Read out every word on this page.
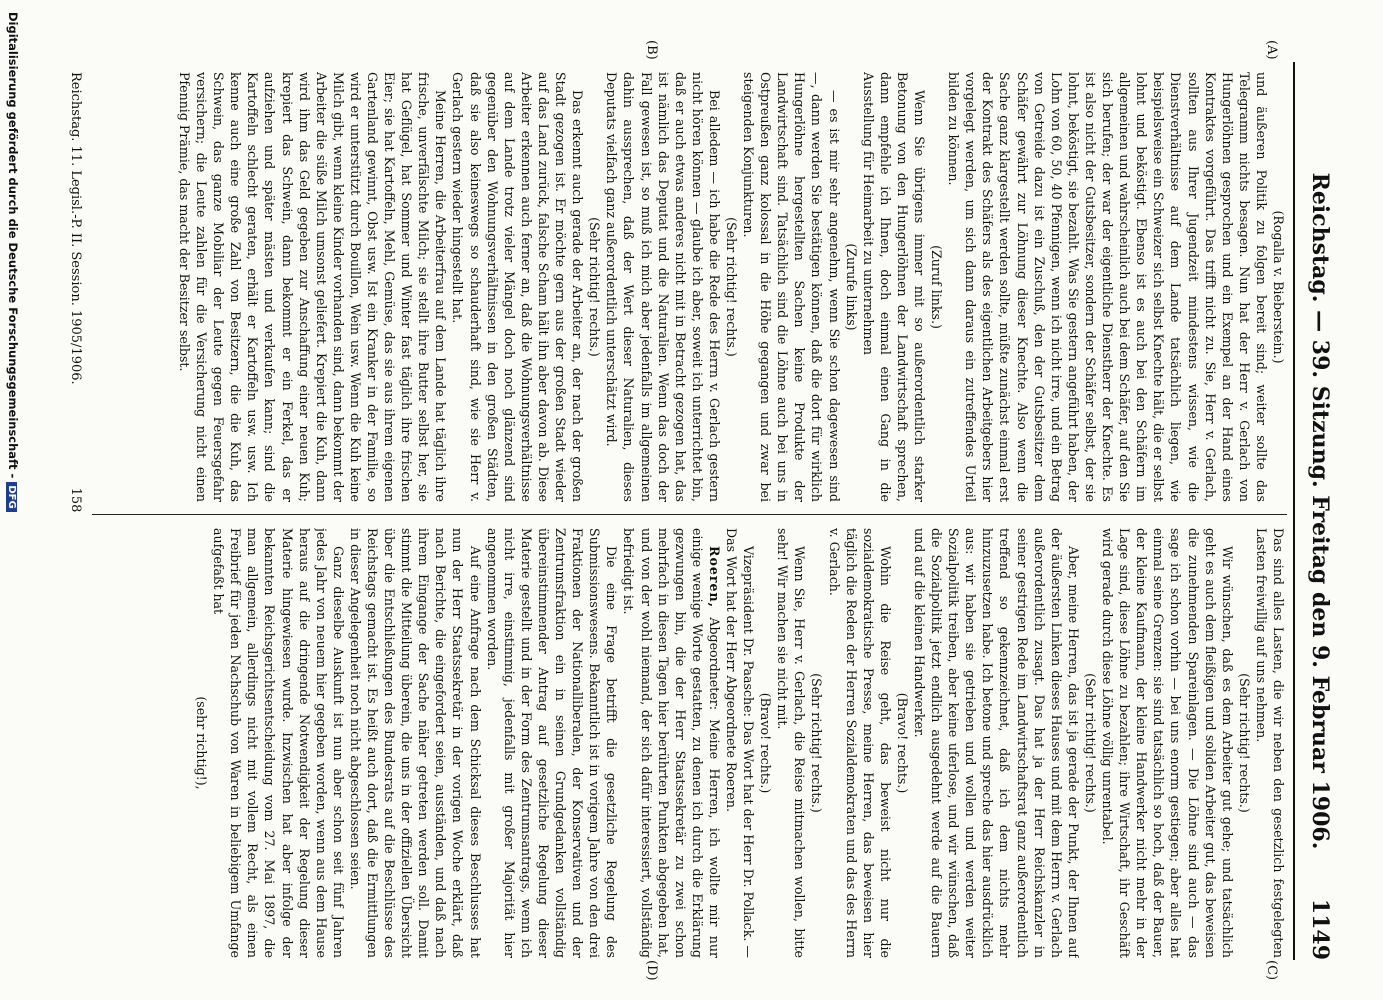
Reichstag. — 39. Sitzung. Freitag den 9. Februar 1906.
1149
(A)
(B)
(C)
(D)

(Rogalla v. Bieberstein.)

und äußeren Politik zu folgen bereit sind; weiter sollte das Telegramm nichts besagen. Nun hat der Herr v. Gerlach von Hungerlöhnen gesprochen und ein Exempel an der Hand eines Kontraktes vorgeführt. Das trifft nicht zu. Sie, Herr v. Gerlach, sollten aus Ihrer Jugendzeit mindestens wissen, wie die Dienstverhältnisse auf dem Lande tatsächlich liegen, wie beispielsweise ein Schweizer sich selbst Knechte hält, die er selbst lohnt und beköstigt. Ebenso ist es auch bei den Schäfern im allgemeinen und wahrscheinlich auch bei dem Schäfer, auf den Sie sich berufen; der war der eigentliche Dienstherr der Knechte. Es ist also nicht der Gutsbesitzer, sondern der Schäfer selbst, der sie lohnt, beköstigt, sie bezahlt. Was Sie gestern angeführt haben, der Lohn von 60, 50, 40 Pfennigen, wenn ich nicht irre, und ein Betrag von Getreide dazu ist ein Zuschuß, den der Gutsbesitzer dem Schäfer gewährt zur Löhnung dieser Knechte. Also wenn die Sache ganz klargestellt werden sollte, müßte zunächst einmal erst der Kontrakt des Schäfers als des eigentlichen Arbeitgebers hier vorgelegt werden, um sich dann daraus ein zutreffendes Urteil bilden zu können.

(Zuruf links.)

Wenn Sie übrigens immer mit so außerordentlich starker Betonung von den Hungerlöhnen der Landwirtschaft sprechen, dann empfehle ich Ihnen, doch einmal einen Gang in die Ausstellung für Heimarbeit zu unternehmen

(Zurufe links)

— es ist mir sehr angenehm, wenn Sie schon dagewesen sind —, dann werden Sie bestätigen können, daß die dort für wirklich Hungerlöhne hergestellten Sachen keine Produkte der Landwirtschaft sind. Tatsächlich sind die Löhne auch bei uns in Ostpreußen ganz kolossal in die Höhe gegangen und zwar bei steigenden Konjunkturen.

(Sehr richtig! rechts.)

Bei alledem — ich habe die Rede des Herrn v. Gerlach gestern nicht hören können — glaube ich aber, soweit ich unterrichtet bin, daß er auch etwas anderes nicht mit in Betracht gezogen hat, das ist nämlich das Deputat und die Naturalien. Wenn das doch der Fall gewesen ist, so muß ich mich aber jedenfalls im allgemeinen dahin aussprechen, daß der Wert dieser Naturalien, dieses Deputats vielfach ganz außerordentlich unterschätzt wird.

(Sehr richtig! rechts.)

Das erkennt auch gerade der Arbeiter an, der nach der großen Stadt gezogen ist. Er möchte gern aus der großen Stadt wieder auf das Land zurück, falsche Scham hält ihn aber davon ab. Diese Arbeiter erkennen auch ferner an, daß die Wohnungsverhältnisse auf dem Lande trotz vieler Mängel doch noch glänzend sind gegenüber den Wohnungsverhältnissen in den großen Städten, daß sie also keineswegs so schauderhaft sind, wie sie Herr v. Gerlach gestern wieder hingestellt hat.

Meine Herren, die Arbeiterfrau auf dem Lande hat täglich ihre frische, unverfälschte Milch; sie stellt ihre Butter selbst her, sie hat Geflügel, hat Sommer und Winter fast täglich ihre frischen Eier; sie hat Kartoffeln, Mehl, Gemüse, das sie aus ihrem eigenen Gartenland gewinnt, Obst usw. Ist ein Kranker in der Familie, so wird er unterstützt durch Bouillon, Wein usw. Wenn die Kuh keine Milch gibt, wenn kleine Kinder vorhanden sind, dann bekommt der Arbeiter die süße Milch umsonst geliefert. Krepiert die Kuh, dann wird ihm das Geld gegeben zur Anschaffung einer neuen Kuh; krepiert das Schwein, dann bekommt er ein Ferkel, das er aufziehen und später mästen und verkaufen kann; sind die Kartoffeln schlecht geraten, erhält er Kartoffeln usw. usw. Ich kenne auch eine große Zahl von Besitzern, die die Kuh, das Schwein, das ganze Mobiliar der Leute gegen Feuersgefahr versichern; die Leute zahlen für die Versicherung nicht einen Pfennig Prämie, das macht der Besitzer selbst.

Das sind alles Lasten, die wir neben den gesetzlich festgelegten Lasten freiwillig auf uns nehmen.

(Sehr richtig! rechts.)

Wir wünschen, daß es dem Arbeiter gut gehe; und tatsächlich geht es auch dem fleißigen und soliden Arbeiter gut, das beweisen die zunehmenden Spareinlagen. — Die Löhne sind auch — das sage ich schon vorhin — bei uns enorm gestiegen; aber alles hat einmal seine Grenzen: sie sind tatsächlich so hoch, daß der Bauer, der kleine Kaufmann, der kleine Handwerker nicht mehr in der Lage sind, diese Löhne zu bezahlen; ihre Wirtschaft, ihr Geschäft wird gerade durch diese Löhne völlig unrentabel.

(Sehr richtig! rechts.)

Aber, meine Herren, das ist ja gerade der Punkt, der Ihnen auf der äußersten Linken dieses Hauses und mit dem Herrn v. Gerlach außerordentlich zusagt. Das hat ja der Herr Reichskanzler in seiner gestrigen Rede im Landwirtschaftsrat ganz außerordentlich treffend so gekennzeichnet, daß ich dem nichts mehr hinzuzusetzen habe. Ich betone und spreche das hier ausdrücklich aus: wir haben sie getrieben und wollen und werden weiter Sozialpolitik treiben, aber keine uferlose, und wir wünschen, daß die Sozialpolitik jetzt endlich ausgedehnt werde auf die Bauern und auf die kleinen Handwerker.

(Bravo! rechts.)

Wohin die Reise geht, das beweist nicht nur die sozialdemokratische Presse, meine Herren, das beweisen hier täglich die Reden der Herren Sozialdemokraten und das des Herrn v. Gerlach.

(Sehr richtig! rechts.)

Wenn Sie, Herr v. Gerlach, die Reise mitmachen wollen, bitte sehr! Wir machen sie nicht mit.

(Bravo! rechts.)

Vizepräsident Dr. Paasche: Das Wort hat der Herr Dr. Pollack. — Das Wort hat der Herr Abgeordnete Roeren.

Roeren, Abgeordneter: Meine Herren, ich wollte mir nur einige wenige Worte gestatten, zu denen ich durch die Erklärung gezwungen bin, die der Herr Staatssekretär zu zwei schon mehrfach in diesen Tagen hier berührten Punkten abgegeben hat, und von der wohl niemand, der sich dafür interessiert, vollständig befriedigt ist.

Die eine Frage betrifft die gesetzliche Regelung des Submissionswesens. Bekanntlich ist in vorigem Jahre von den drei Fraktionen der Nationalliberalen, der Konservativen und der Zentrumsfraktion ein in seinen Grundgedanken vollständig übereinstimmender Antrag auf gesetzliche Regelung dieser Materie gestellt und in der Form des Zentrumsantrags, wenn ich nicht irre, einstimmig, jedenfalls mit großer Majorität hier angenommen worden.

Auf eine Anfrage nach dem Schicksal dieses Beschlusses hat nun der Herr Staatssekretär in der vorigen Woche erklärt, daß nach Berichte, die eingefordert seien, ausständen, und daß nach ihrem Eingange der Sache näher getreten werden soll. Damit stimmt die Mitteilung überein, die uns in der offiziellen Übersicht über die Entschließungen des Bundesrats auf die Beschlüsse des Reichstags gemacht ist. Es heißt auch dort, daß die Ermittlungen in dieser Angelegenheit noch nicht abgeschlossen seien.

Ganz dieselbe Auskunft ist nun aber schon seit fünf Jahren jedes Jahr von neuem hier gegeben worden, wenn aus dem Hause heraus auf die dringende Notwendigkeit der Regelung dieser Materie hingewiesen wurde. Inzwischen hat aber infolge der bekannten Reichsgerichtsentscheidung vom 27. Mai 1897, die man allgemein, allerdings nicht mit vollem Recht, als einen Freibrief für jeden Nachschub von Waren in beliebigem Umfange aufgefaßt hat

(sehr richtig!),

Reichstag. 11. Legisl.-P. II. Session. 1905/1906.
158
Digitalisierung gefördert durch die Deutsche Forschungsgemeinschaft -DFG
